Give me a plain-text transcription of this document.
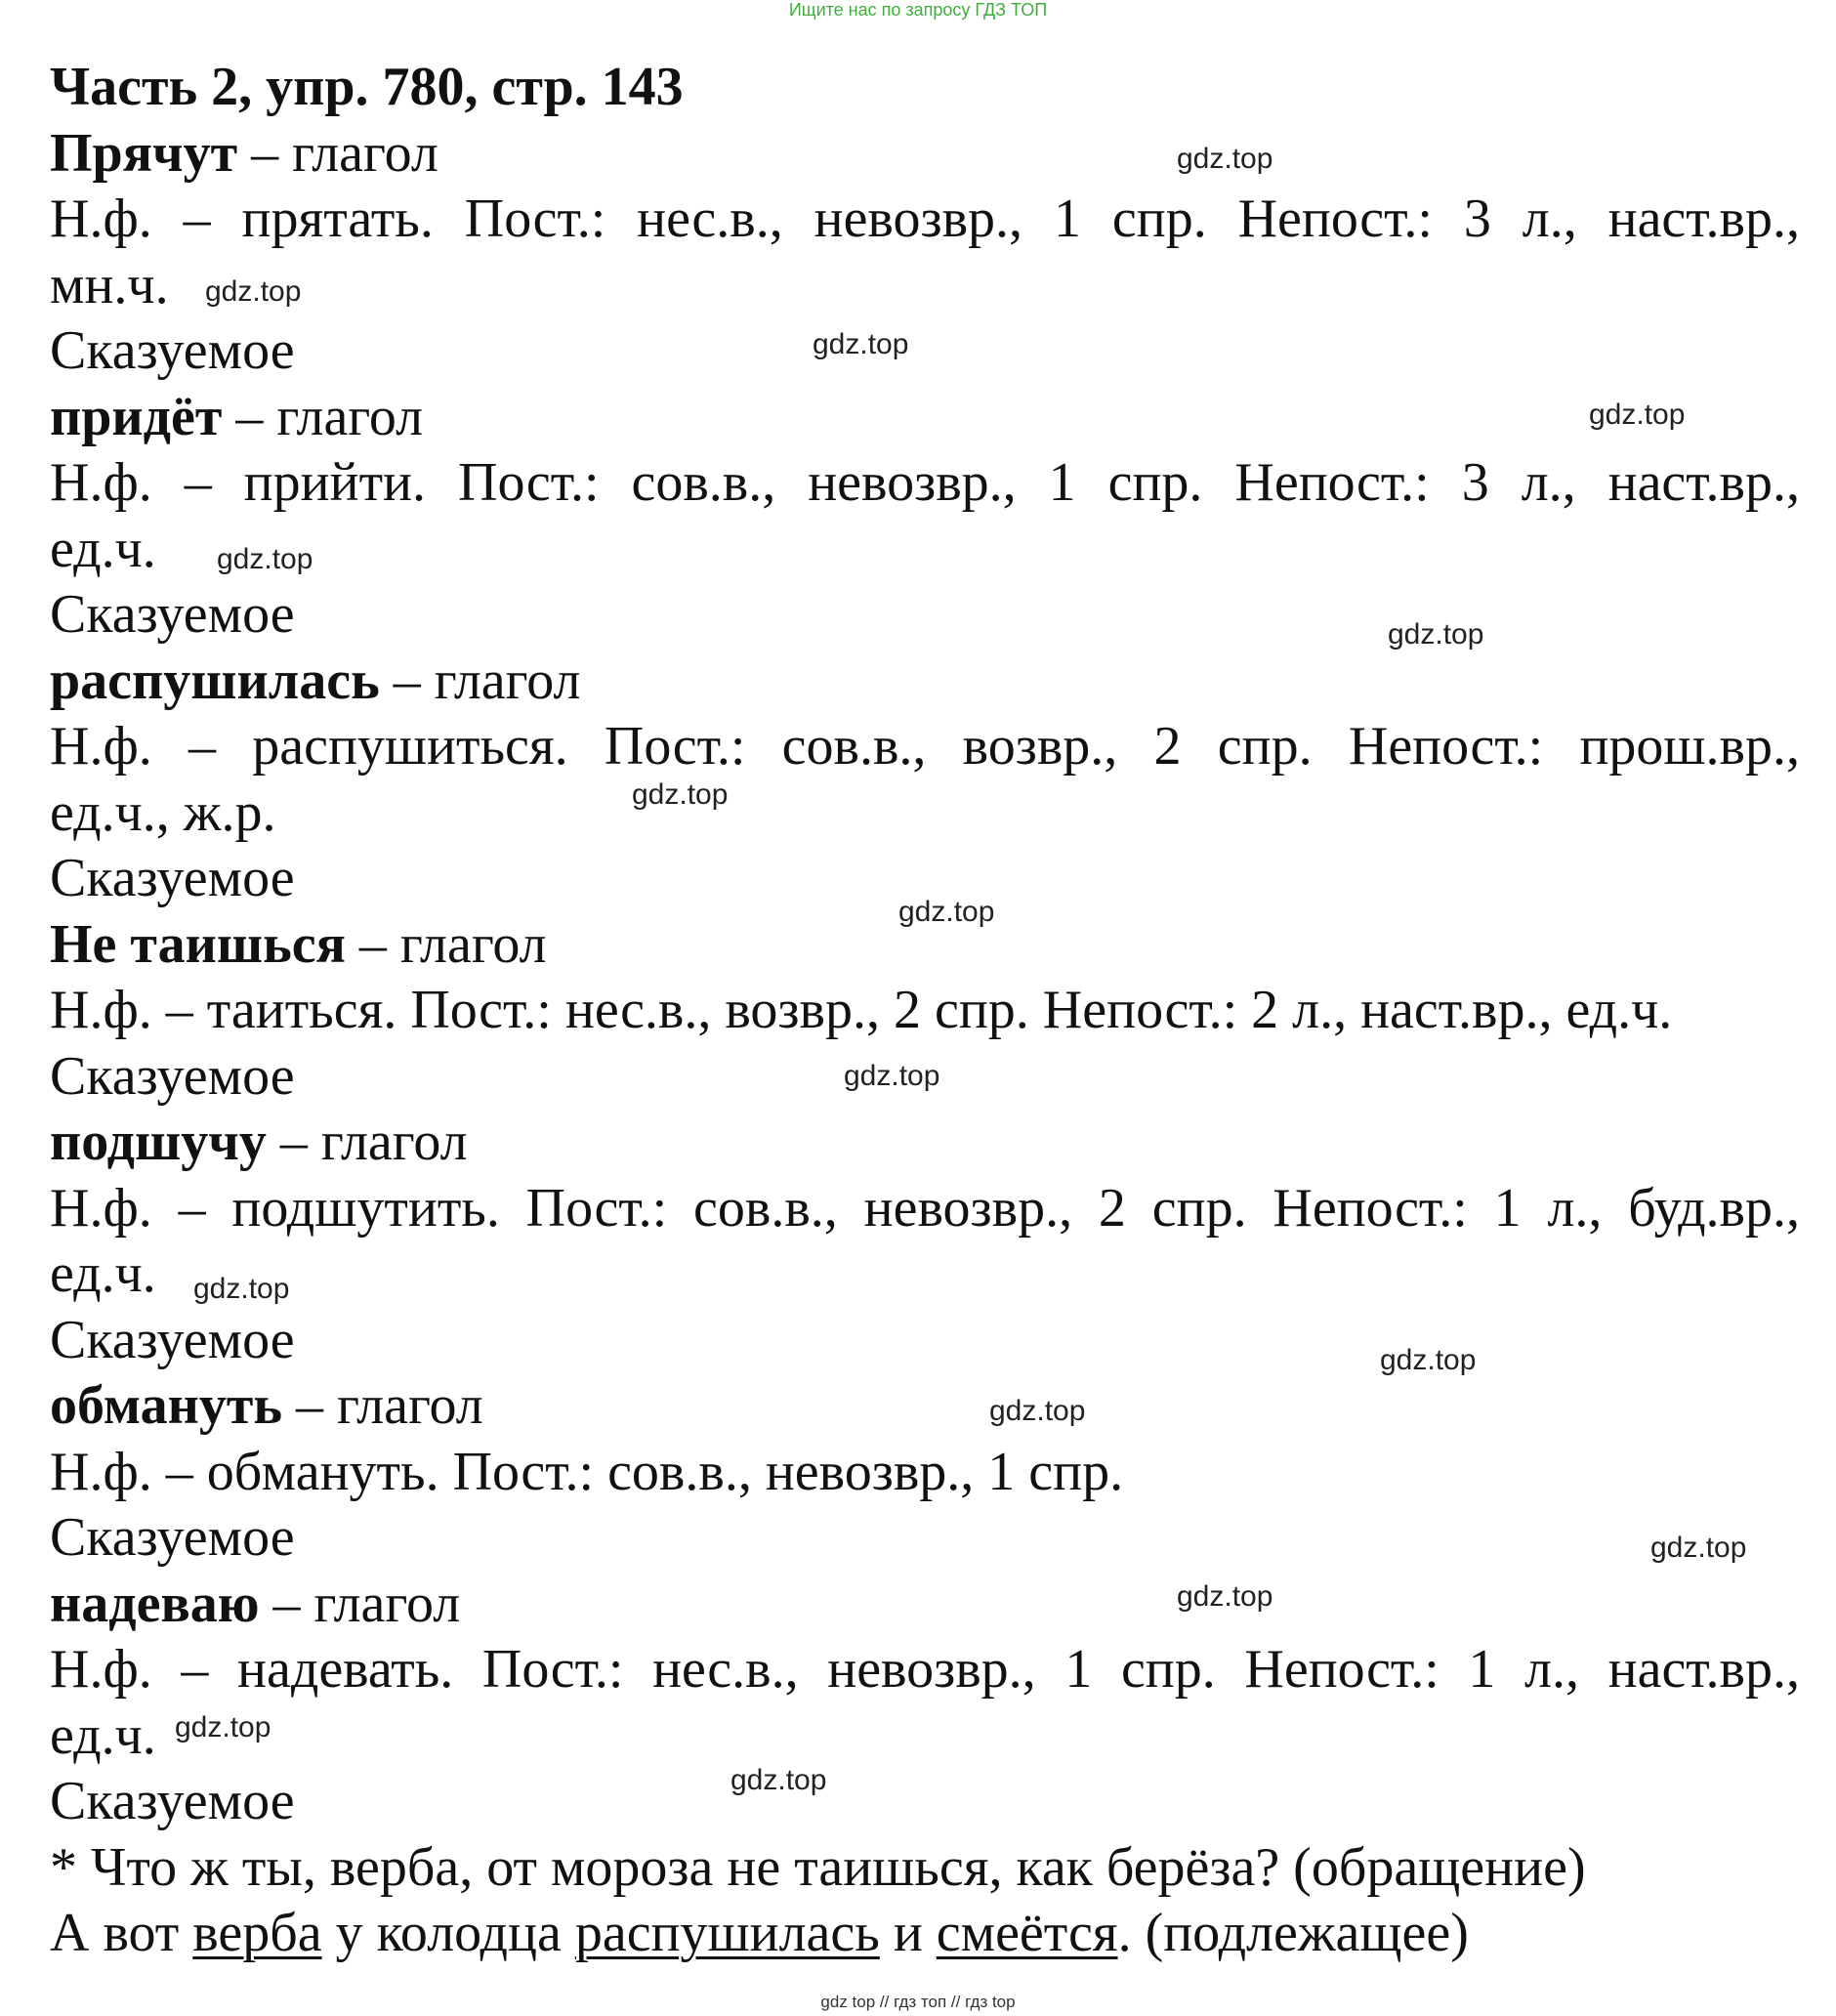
Ищите нас по запросу ГДЗ ТОП
Часть 2, упр. 780, стр. 143
Прячут – глагол
Н.ф. – прятать. Пост.: нес.в., невозвр., 1 спр. Непост.: 3 л., наст.вр.,
мн.ч.
Сказуемое
придёт – глагол
Н.ф. – прийти. Пост.: сов.в., невозвр., 1 спр. Непост.: 3 л., наст.вр.,
ед.ч.
Сказуемое
распушилась – глагол
Н.ф. – распушиться. Пост.: сов.в., возвр., 2 спр. Непост.: прош.вр.,
ед.ч., ж.р.
Сказуемое
Не таишься – глагол
Н.ф. – таиться. Пост.: нес.в., возвр., 2 спр. Непост.: 2 л., наст.вр., ед.ч.
Сказуемое
подшучу – глагол
Н.ф. – подшутить. Пост.: сов.в., невозвр., 2 спр. Непост.: 1 л., буд.вр.,
ед.ч.
Сказуемое
обмануть – глагол
Н.ф. – обмануть. Пост.: сов.в., невозвр., 1 спр.
Сказуемое
надеваю – глагол
Н.ф. – надевать. Пост.: нес.в., невозвр., 1 спр. Непост.: 1 л., наст.вр.,
ед.ч.
Сказуемое
* Что ж ты, верба, от мороза не таишься, как берёза? (обращение)
А вот верба у колодца распушилась и смеётся. (подлежащее)
gdz.top
gdz.top
gdz.top
gdz.top
gdz.top
gdz.top
gdz.top
gdz.top
gdz.top
gdz.top
gdz.top
gdz.top
gdz.top
gdz.top
gdz.top
gdz.top
gdz top // гдз топ // гдз top
